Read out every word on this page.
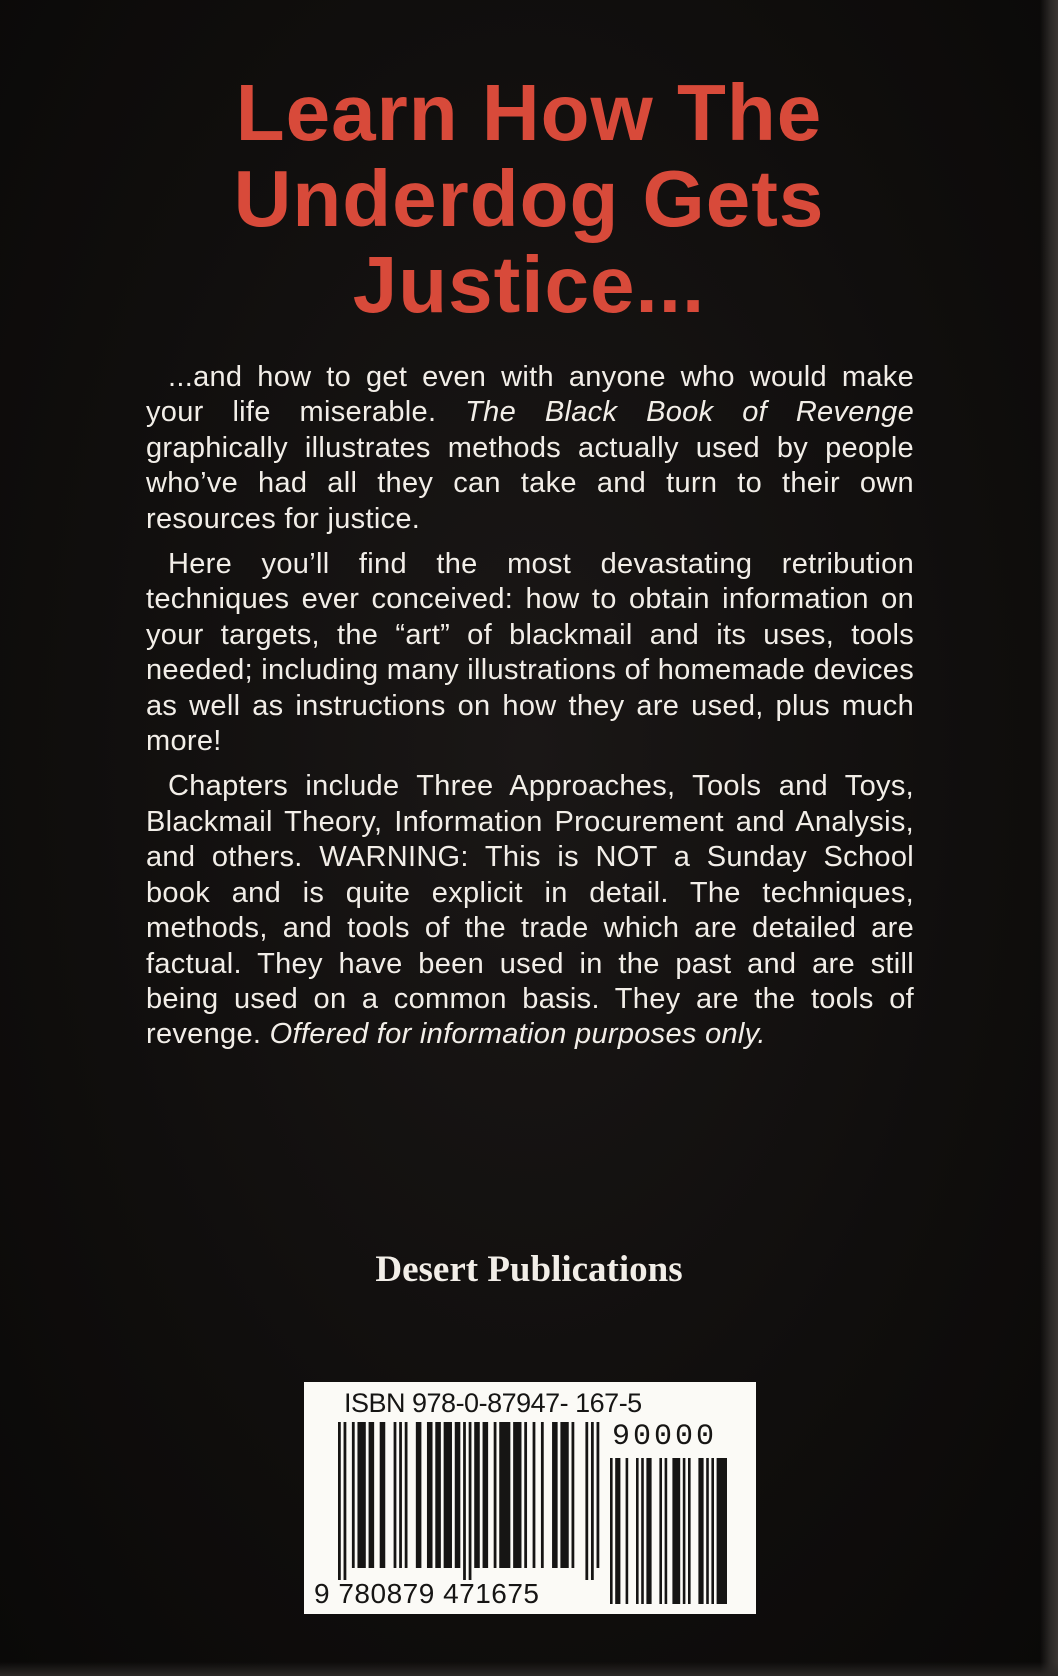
Learn How The
Underdog Gets
Justice...

...and how to get even with anyone who would make your life miserable. The Black Book of Revenge graphically illustrates methods actually used by people who’ve had all they can take and turn to their own resources for justice.

Here you’ll find the most devastating retribution techniques ever conceived: how to obtain information on your targets, the “art” of blackmail and its uses, tools needed; including many illustrations of homemade devices as well as instructions on how they are used, plus much more!

Chapters include Three Approaches, Tools and Toys, Blackmail Theory, Information Procurement and Analysis, and others. WARNING: This is NOT a Sunday School book and is quite explicit in detail. The techniques, methods, and tools of the trade which are detailed are factual. They have been used in the past and are still being used on a common basis. They are the tools of revenge. Offered for information purposes only.

Desert Publications

ISBN 978-0-87947- 167-5
90000
9 780879 471675
